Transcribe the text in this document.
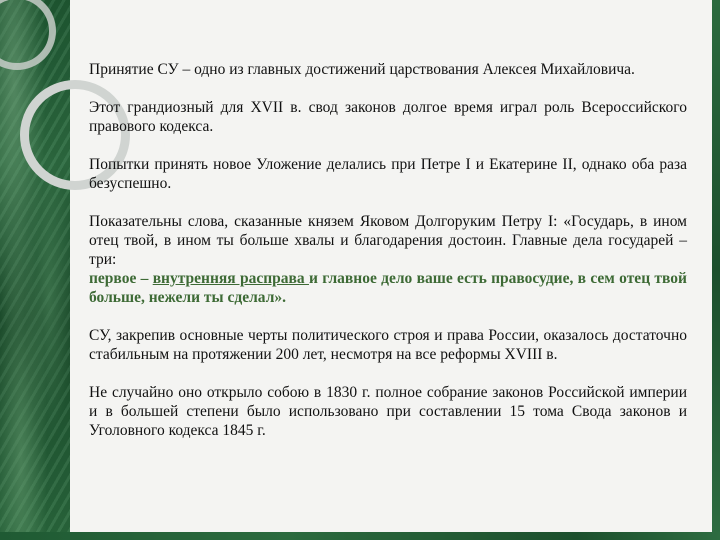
Принятие СУ – одно из главных достижений царствования Алексея Михайловича.

Этот грандиозный для XVII в. свод законов долгое время играл роль Всероссийского правового кодекса.

Попытки принять новое Уложение делались при Петре I и Екатерине II, однако оба раза безуспешно.

Показательны слова, сказанные князем Яковом Долгоруким Петру I: «Государь, в ином отец твой, в ином ты больше хвалы и благодарения достоин. Главные дела государей – три:

первое – внутренняя расправа и главное дело ваше есть правосудие, в сем отец твой больше, нежели ты сделал».

СУ, закрепив основные черты политического строя и права России, оказалось достаточно стабильным на протяжении 200 лет, несмотря на все реформы XVIII в.

Не случайно оно открыло собою в 1830 г. полное собрание законов Российской империи и в большей степени было использовано при составлении 15 тома Свода законов и Уголовного кодекса 1845 г.
